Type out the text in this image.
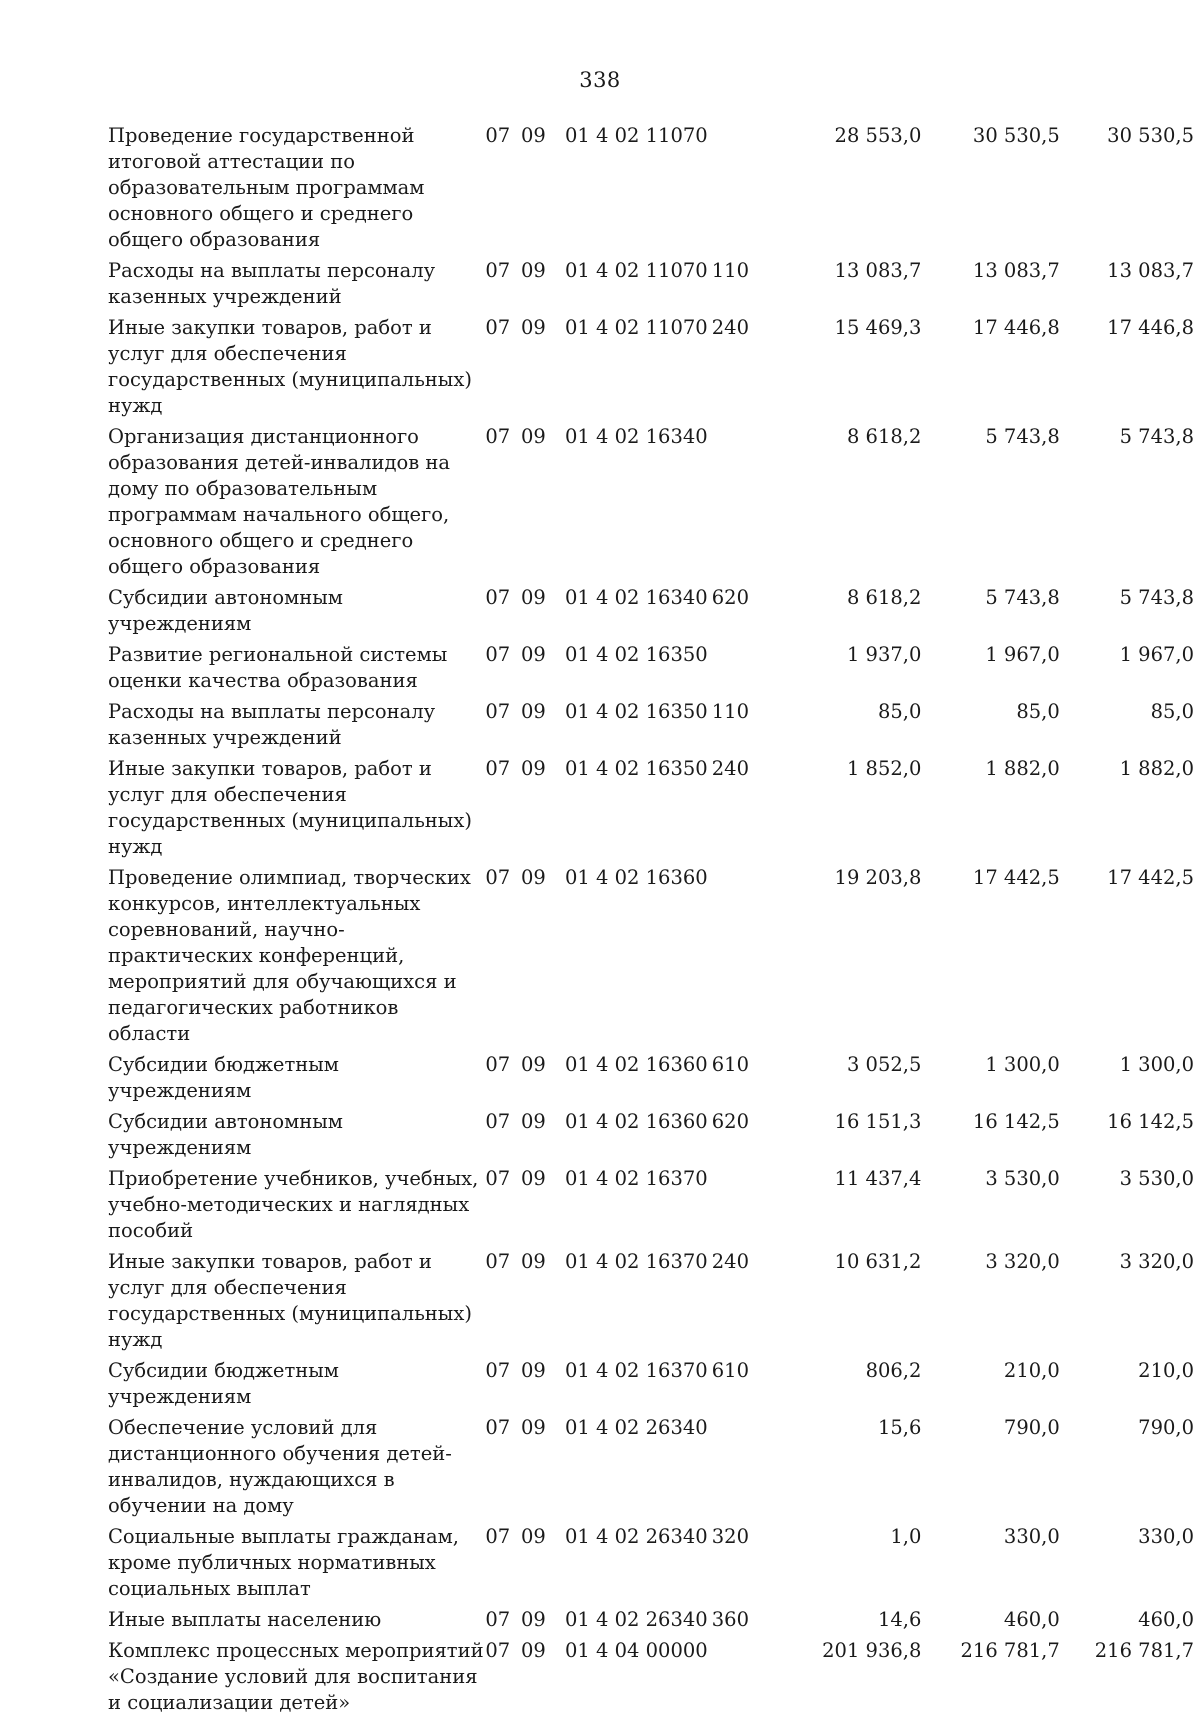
338
Проведение государственной итоговой аттестации по образовательным программам основного общего и среднего общего образования	07	09	01 4 02 11070		28 553,0	30 530,5	30 530,5
Расходы на выплаты персоналу казенных учреждений	07	09	01 4 02 11070	110	13 083,7	13 083,7	13 083,7
Иные закупки товаров, работ и услуг для обеспечения государственных (муниципальных) нужд	07	09	01 4 02 11070	240	15 469,3	17 446,8	17 446,8
Организация дистанционного образования детей-инвалидов на дому по образовательным программам начального общего, основного общего и среднего общего образования	07	09	01 4 02 16340		8 618,2	5 743,8	5 743,8
Субсидии автономным учреждениям	07	09	01 4 02 16340	620	8 618,2	5 743,8	5 743,8
Развитие региональной системы оценки качества образования	07	09	01 4 02 16350		1 937,0	1 967,0	1 967,0
Расходы на выплаты персоналу казенных учреждений	07	09	01 4 02 16350	110	85,0	85,0	85,0
Иные закупки товаров, работ и услуг для обеспечения государственных (муниципальных) нужд	07	09	01 4 02 16350	240	1 852,0	1 882,0	1 882,0
Проведение олимпиад, творческих конкурсов, интеллектуальных соревнований, научно-практических конференций, мероприятий для обучающихся и педагогических работников области	07	09	01 4 02 16360		19 203,8	17 442,5	17 442,5
Субсидии бюджетным учреждениям	07	09	01 4 02 16360	610	3 052,5	1 300,0	1 300,0
Субсидии автономным учреждениям	07	09	01 4 02 16360	620	16 151,3	16 142,5	16 142,5
Приобретение учебников, учебных, учебно-методических и наглядных пособий	07	09	01 4 02 16370		11 437,4	3 530,0	3 530,0
Иные закупки товаров, работ и услуг для обеспечения государственных (муниципальных) нужд	07	09	01 4 02 16370	240	10 631,2	3 320,0	3 320,0
Субсидии бюджетным учреждениям	07	09	01 4 02 16370	610	806,2	210,0	210,0
Обеспечение условий для дистанционного обучения детей-инвалидов, нуждающихся в обучении на дому	07	09	01 4 02 26340		15,6	790,0	790,0
Социальные выплаты гражданам, кроме публичных нормативных социальных выплат	07	09	01 4 02 26340	320	1,0	330,0	330,0
Иные выплаты населению	07	09	01 4 02 26340	360	14,6	460,0	460,0
Комплекс процессных мероприятий «Создание условий для воспитания и социализации детей»	07	09	01 4 04 00000		201 936,8	216 781,7	216 781,7
